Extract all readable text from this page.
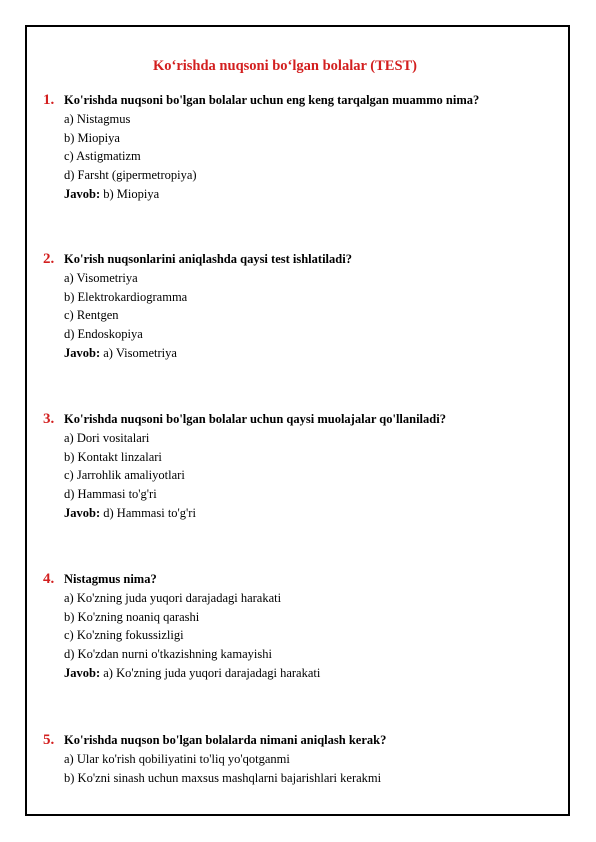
Ko‘rishda nuqsoni bo‘lgan bolalar (TEST)
1. Ko'rishda nuqsoni bo'lgan bolalar uchun eng keng tarqalgan muammo nima?
a) Nistagmus
b) Miopiya
c) Astigmatizm
d) Farsht (gipermetropiya)
Javob: b) Miopiya
2. Ko'rish nuqsonlarini aniqlashda qaysi test ishlatiladi?
a) Visometriya
b) Elektrokardiogramma
c) Rentgen
d) Endoskopiya
Javob: a) Visometriya
3. Ko'rishda nuqsoni bo'lgan bolalar uchun qaysi muolajalar qo'llaniladi?
a) Dori vositalari
b) Kontakt linzalari
c) Jarrohlik amaliyotlari
d) Hammasi to'g'ri
Javob: d) Hammasi to'g'ri
4. Nistagmus nima?
a) Ko'zning juda yuqori darajadagi harakati
b) Ko'zning noaniq qarashi
c) Ko'zning fokussizligi
d) Ko'zdan nurni o'tkazishning kamayishi
Javob: a) Ko'zning juda yuqori darajadagi harakati
5. Ko'rishda nuqson bo'lgan bolalarda nimani aniqlash kerak?
a) Ular ko'rish qobiliyatini to'liq yo'qotganmi
b) Ko'zni sinash uchun maxsus mashqlarni bajarishlari kerakmi
